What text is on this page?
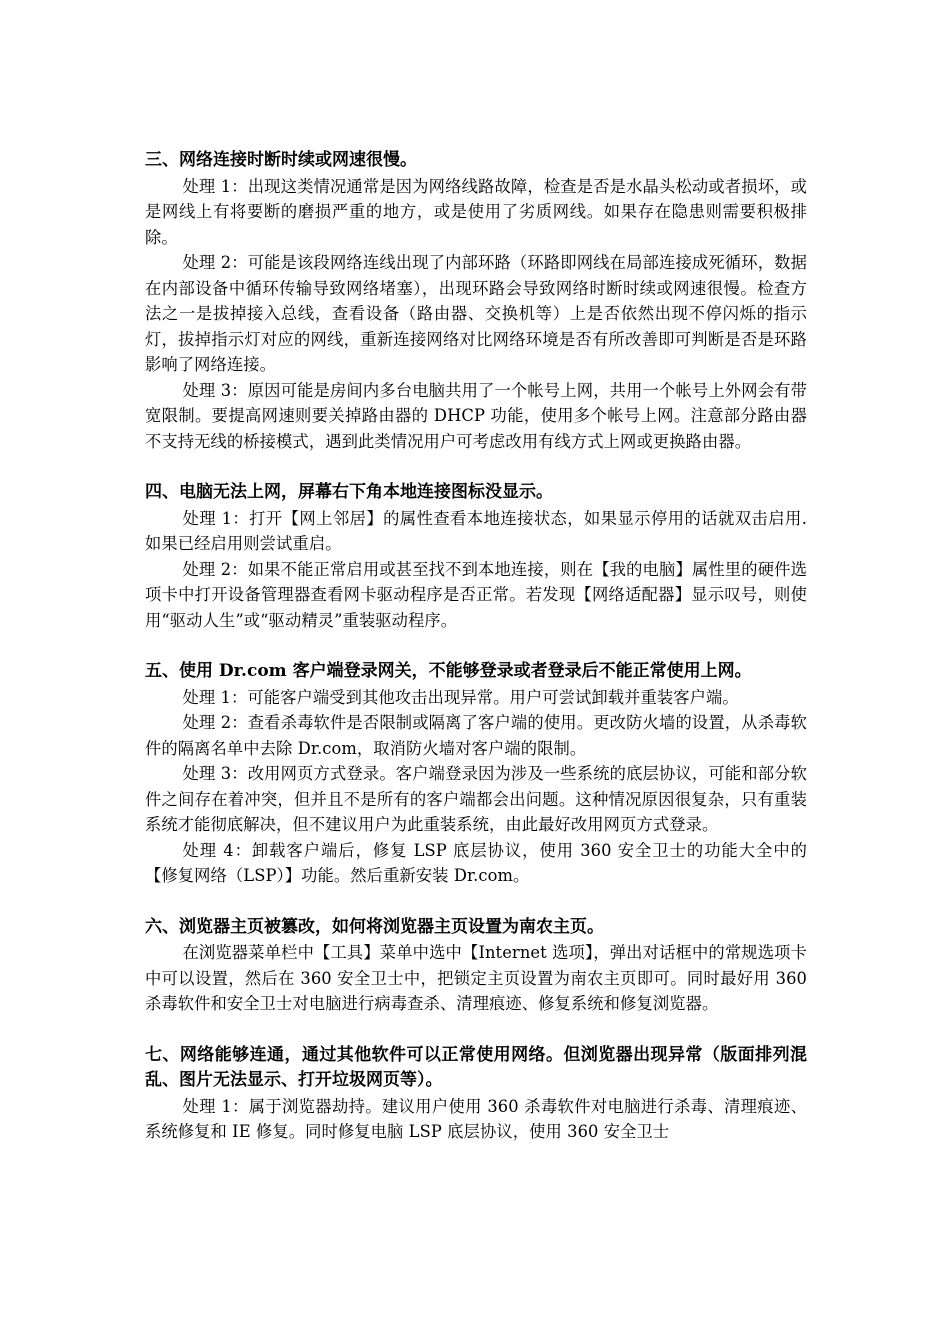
三、网络连接时断时续或网速很慢。

处理 1：出现这类情况通常是因为网络线路故障，检查是否是水晶头松动或者损坏，或是网线上有将要断的磨损严重的地方，或是使用了劣质网线。如果存在隐患则需要积极排除。

处理 2：可能是该段网络连线出现了内部环路（环路即网线在局部连接成死循环，数据在内部设备中循环传输导致网络堵塞），出现环路会导致网络时断时续或网速很慢。检查方法之一是拔掉接入总线，查看设备（路由器、交换机等）上是否依然出现不停闪烁的指示灯，拔掉指示灯对应的网线，重新连接网络对比网络环境是否有所改善即可判断是否是环路影响了网络连接。

处理 3：原因可能是房间内多台电脑共用了一个帐号上网，共用一个帐号上外网会有带宽限制。要提高网速则要关掉路由器的 DHCP 功能，使用多个帐号上网。注意部分路由器不支持无线的桥接模式，遇到此类情况用户可考虑改用有线方式上网或更换路由器。

四、电脑无法上网，屏幕右下角本地连接图标没显示。

处理 1：打开【网上邻居】的属性查看本地连接状态，如果显示停用的话就双击启用.如果已经启用则尝试重启。

处理 2：如果不能正常启用或甚至找不到本地连接，则在【我的电脑】属性里的硬件选项卡中打开设备管理器查看网卡驱动程序是否正常。若发现【网络适配器】显示叹号，则使用“驱动人生”或“驱动精灵”重装驱动程序。

五、使用 Dr.com 客户端登录网关，不能够登录或者登录后不能正常使用上网。

处理 1：可能客户端受到其他攻击出现异常。用户可尝试卸载并重装客户端。

处理 2：查看杀毒软件是否限制或隔离了客户端的使用。更改防火墙的设置，从杀毒软件的隔离名单中去除 Dr.com，取消防火墙对客户端的限制。

处理 3：改用网页方式登录。客户端登录因为涉及一些系统的底层协议，可能和部分软件之间存在着冲突，但并且不是所有的客户端都会出问题。这种情况原因很复杂，只有重装系统才能彻底解决，但不建议用户为此重装系统，由此最好改用网页方式登录。

处理 4：卸载客户端后，修复 LSP 底层协议，使用 360 安全卫士的功能大全中的【修复网络（LSP）】功能。然后重新安装 Dr.com。

六、浏览器主页被篡改，如何将浏览器主页设置为南农主页。

在浏览器菜单栏中【工具】菜单中选中【Internet 选项】，弹出对话框中的常规选项卡中可以设置，然后在 360 安全卫士中，把锁定主页设置为南农主页即可。同时最好用 360 杀毒软件和安全卫士对电脑进行病毒查杀、清理痕迹、修复系统和修复浏览器。

七、网络能够连通，通过其他软件可以正常使用网络。但浏览器出现异常（版面排列混乱、图片无法显示、打开垃圾网页等）。

处理 1：属于浏览器劫持。建议用户使用 360 杀毒软件对电脑进行杀毒、清理痕迹、系统修复和 IE 修复。同时修复电脑 LSP 底层协议，使用 360 安全卫士
